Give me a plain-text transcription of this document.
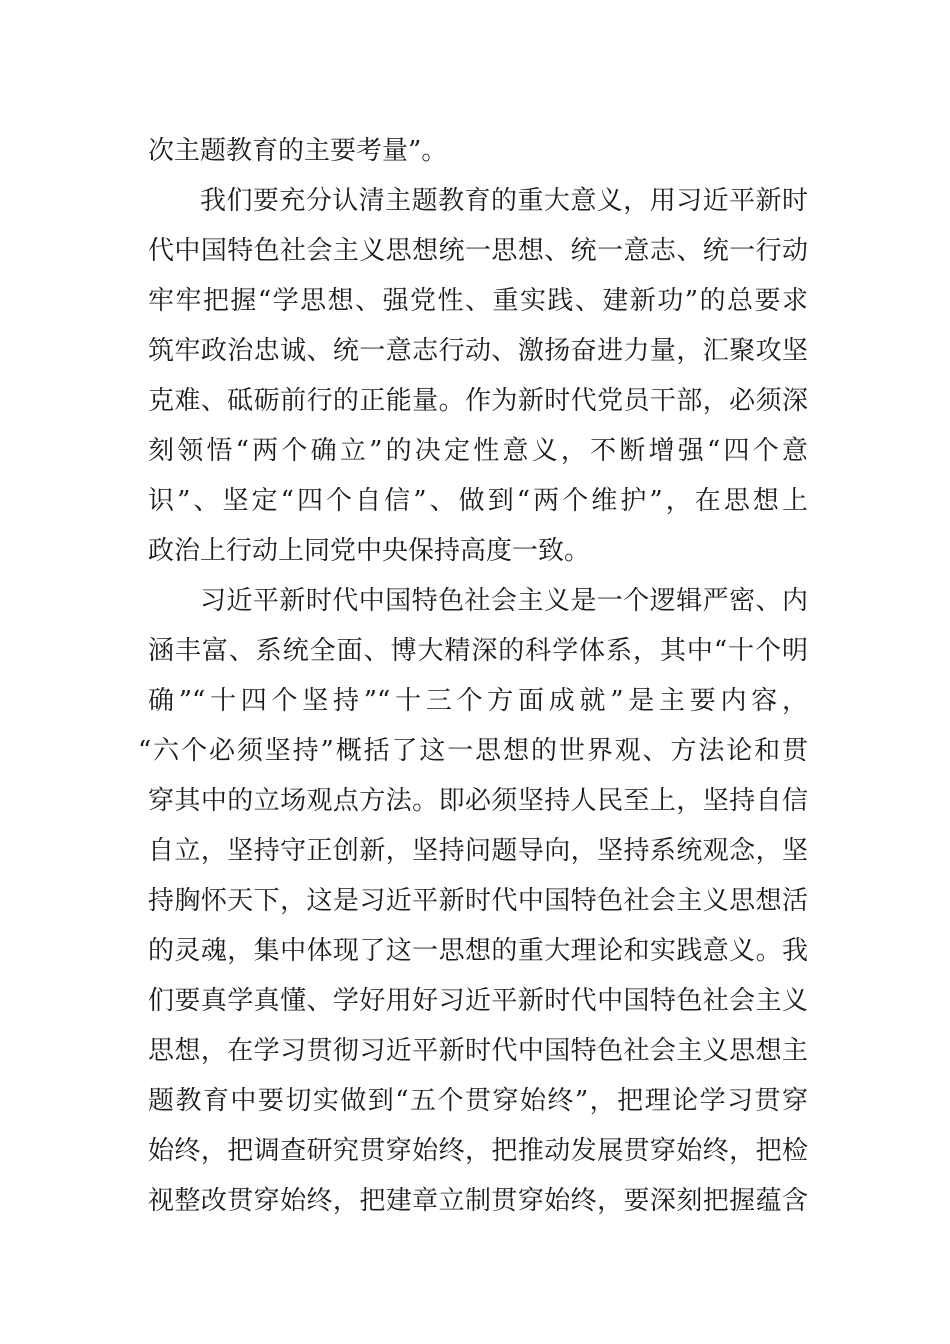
次主题教育的主要考量”。
我们要充分认清主题教育的重大意义，用习近平新时
代中国特色社会主义思想统一思想、统一意志、统一行动
牢牢把握“学思想、强党性、重实践、建新功”的总要求
筑牢政治忠诚、统一意志行动、激扬奋进力量，汇聚攻坚
克难、砥砺前行的正能量。作为新时代党员干部，必须深
刻领悟“两个确立”的决定性意义，不断增强“四个意
识”、坚定“四个自信”、做到“两个维护”，在思想上
政治上行动上同党中央保持高度一致。
习近平新时代中国特色社会主义是一个逻辑严密、内
涵丰富、系统全面、博大精深的科学体系，其中“十个明
确”“十四个坚持”“十三个方面成就”是主要内容，
“六个必须坚持”概括了这一思想的世界观、方法论和贯
穿其中的立场观点方法。即必须坚持人民至上，坚持自信
自立，坚持守正创新，坚持问题导向，坚持系统观念，坚
持胸怀天下，这是习近平新时代中国特色社会主义思想活
的灵魂，集中体现了这一思想的重大理论和实践意义。我
们要真学真懂、学好用好习近平新时代中国特色社会主义
思想，在学习贯彻习近平新时代中国特色社会主义思想主
题教育中要切实做到“五个贯穿始终”，把理论学习贯穿
始终，把调查研究贯穿始终，把推动发展贯穿始终，把检
视整改贯穿始终，把建章立制贯穿始终，要深刻把握蕴含
